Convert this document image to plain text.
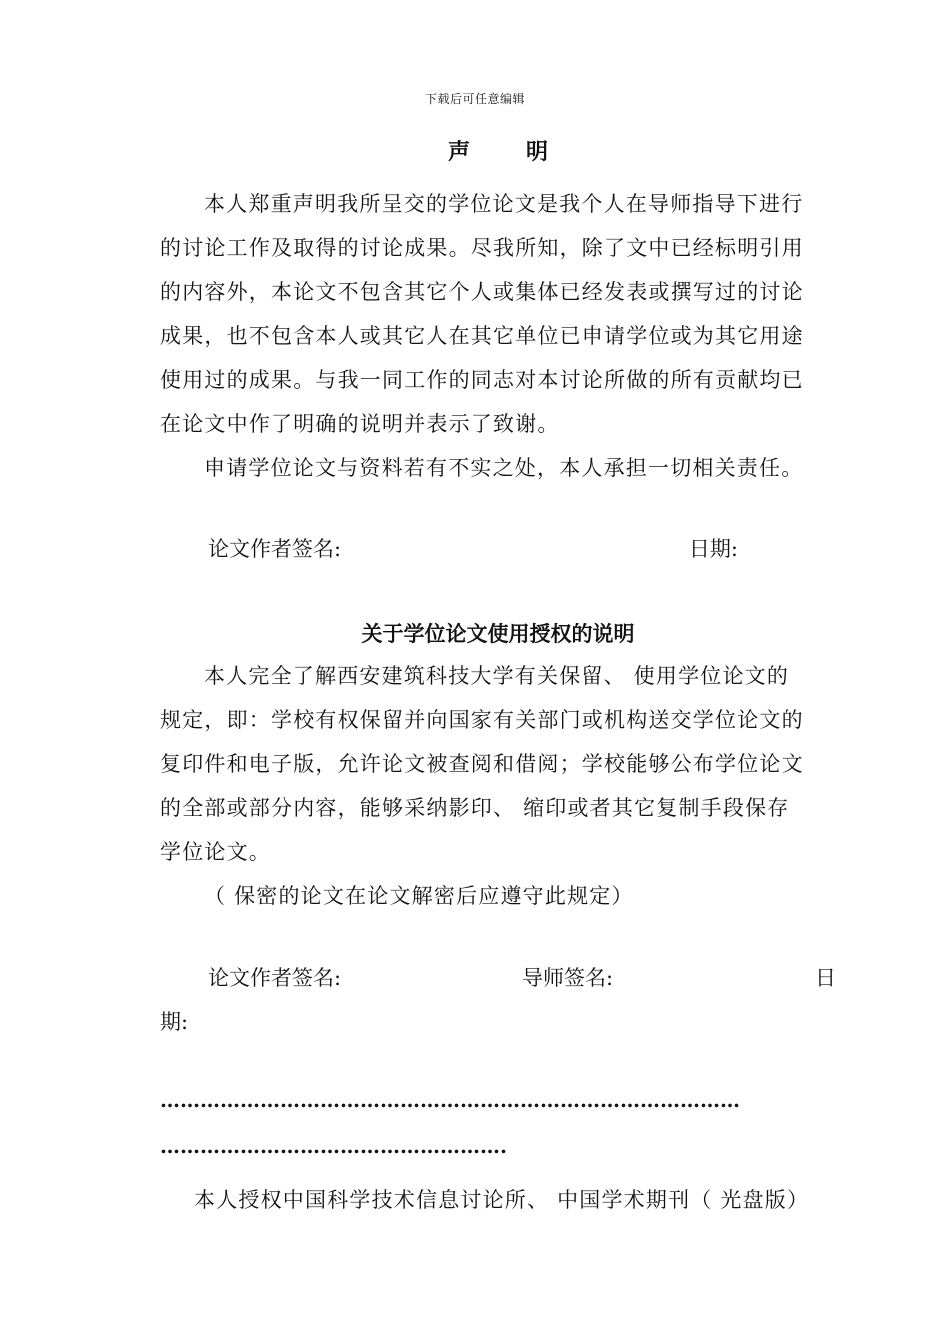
下载后可任意编辑
声	明
本人郑重声明我所呈交的学位论文是我个人在导师指导下进行
的讨论工作及取得的讨论成果。尽我所知，除了文中已经标明引用
的内容外，本论文不包含其它个人或集体已经发表或撰写过的讨论
成果，也不包含本人或其它人在其它单位已申请学位或为其它用途
使用过的成果。与我一同工作的同志对本讨论所做的所有贡献均已
在论文中作了明确的说明并表示了致谢。
申请学位论文与资料若有不实之处，本人承担一切相关责任。
论文作者签名:	日期:
关于学位论文使用授权的说明
本人完全了解西安建筑科技大学有关保留、 使用学位论文的
规定，即：学校有权保留并向国家有关部门或机构送交学位论文的
复印件和电子版，允许论文被查阅和借阅；学校能够公布学位论文
的全部或部分内容，能够采纳影印、 缩印或者其它复制手段保存
学位论文。
（ 保密的论文在论文解密后应遵守此规定）
论文作者签名:	导师签名:	日
期:
……………………………………………………………………………
…………………………………………….
本人授权中国科学技术信息讨论所、 中国学术期刊（ 光盘版）
